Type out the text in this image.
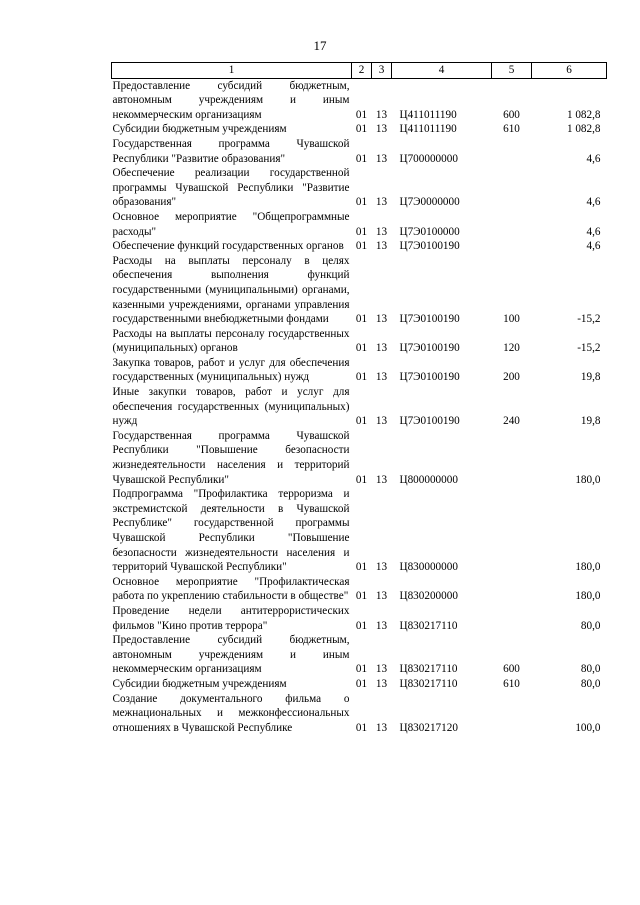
17
1	2	3	4	5	6
Предоставление субсидий бюджетным, автономным учреждениям и иным некоммерческим организациям	01	13	Ц411011190	600	1 082,8
Субсидии бюджетным учреждениям	01	13	Ц411011190	610	1 082,8
Государственная программа Чувашской Республики "Развитие образования"	01	13	Ц700000000		4,6
Обеспечение реализации государственной программы Чувашской Республики "Развитие образования"	01	13	Ц7Э0000000		4,6
Основное мероприятие "Общепрограммные расходы"	01	13	Ц7Э0100000		4,6
Обеспечение функций государственных органов	01	13	Ц7Э0100190		4,6
Расходы на выплаты персоналу в целях обеспечения выполнения функций государственными (муниципальными) органами, казенными учреждениями, органами управления государственными внебюджетными фондами	01	13	Ц7Э0100190	100	-15,2
Расходы на выплаты персоналу государственных (муниципальных) органов	01	13	Ц7Э0100190	120	-15,2
Закупка товаров, работ и услуг для обеспечения государственных (муниципальных) нужд	01	13	Ц7Э0100190	200	19,8
Иные закупки товаров, работ и услуг для обеспечения государственных (муниципальных) нужд	01	13	Ц7Э0100190	240	19,8
Государственная программа Чувашской Республики "Повышение безопасности жизнедеятельности населения и территорий Чувашской Республики"	01	13	Ц800000000		180,0
Подпрограмма "Профилактика терроризма и экстремистской деятельности в Чувашской Республике" государственной программы Чувашской Республики "Повышение безопасности жизнедеятельности населения и территорий Чувашской Республики"	01	13	Ц830000000		180,0
Основное мероприятие "Профилактическая работа по укреплению стабильности в обществе"	01	13	Ц830200000		180,0
Проведение недели антитеррористических фильмов "Кино против террора"	01	13	Ц830217110		80,0
Предоставление субсидий бюджетным, автономным учреждениям и иным некоммерческим организациям	01	13	Ц830217110	600	80,0
Субсидии бюджетным учреждениям	01	13	Ц830217110	610	80,0
Создание документального фильма о межнациональных и межконфессиональных отношениях в Чувашской Республике	01	13	Ц830217120		100,0
